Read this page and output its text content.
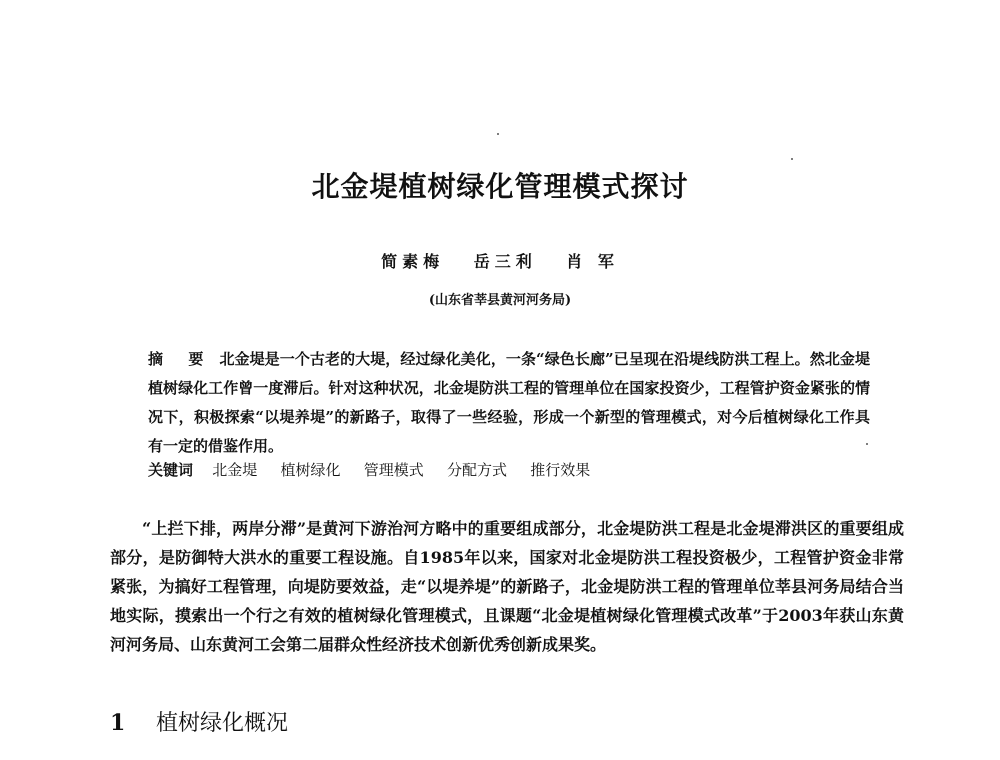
北金堤植树绿化管理模式探讨
简素梅 岳三利 肖 军
(山东省莘县黄河河务局)
摘 要 北金堤是一个古老的大堤，经过绿化美化，一条“绿色长廊”已呈现在沿堤线防洪工程上。然北金堤植树绿化工作曾一度滞后。针对这种状况，北金堤防洪工程的管理单位在国家投资少，工程管护资金紧张的情况下，积极探索“以堤养堤”的新路子，取得了一些经验，形成一个新型的管理模式，对今后植树绿化工作具有一定的借鉴作用。
关键词 北金堤 植树绿化 管理模式 分配方式 推行效果
“上拦下排，两岸分滞”是黄河下游治河方略中的重要组成部分，北金堤防洪工程是北金堤滞洪区的重要组成部分，是防御特大洪水的重要工程设施。自1985年以来，国家对北金堤防洪工程投资极少，工程管护资金非常紧张，为搞好工程管理，向堤防要效益，走“以堤养堤”的新路子，北金堤防洪工程的管理单位莘县河务局结合当地实际，摸索出一个行之有效的植树绿化管理模式，且课题“北金堤植树绿化管理模式改革”于2003年获山东黄河河务局、山东黄河工会第二届群众性经济技术创新优秀创新成果奖。
1 植树绿化概况
